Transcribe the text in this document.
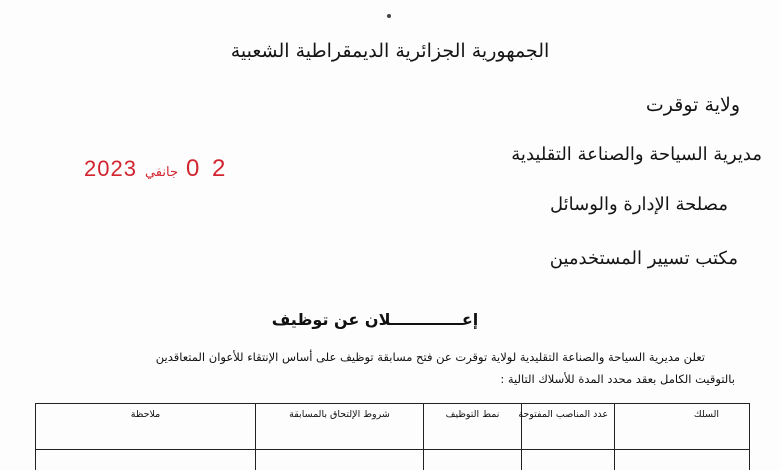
الجمهورية الجزائرية الديمقراطية الشعبية
ولاية توقرت
مديرية السياحة والصناعة التقليدية
مصلحة الإدارة والوسائل
مكتب تسيير المستخدمين
2023 جانفي 0 2
إعـــــــــــــلان عن توظيف
تعلن مديرية السياحة والصناعة التقليدية لولاية توقرت عن فتح مسابقة توظيف على أساس الإنتقاء للأعوان المتعاقدين
بالتوقيت الكامل بعقد محدد المدة للأسلاك التالية :
السلك
عدد المناصب المفتوحة
نمط التوظيف
شروط الإلتحاق بالمسابقة
ملاحظة
